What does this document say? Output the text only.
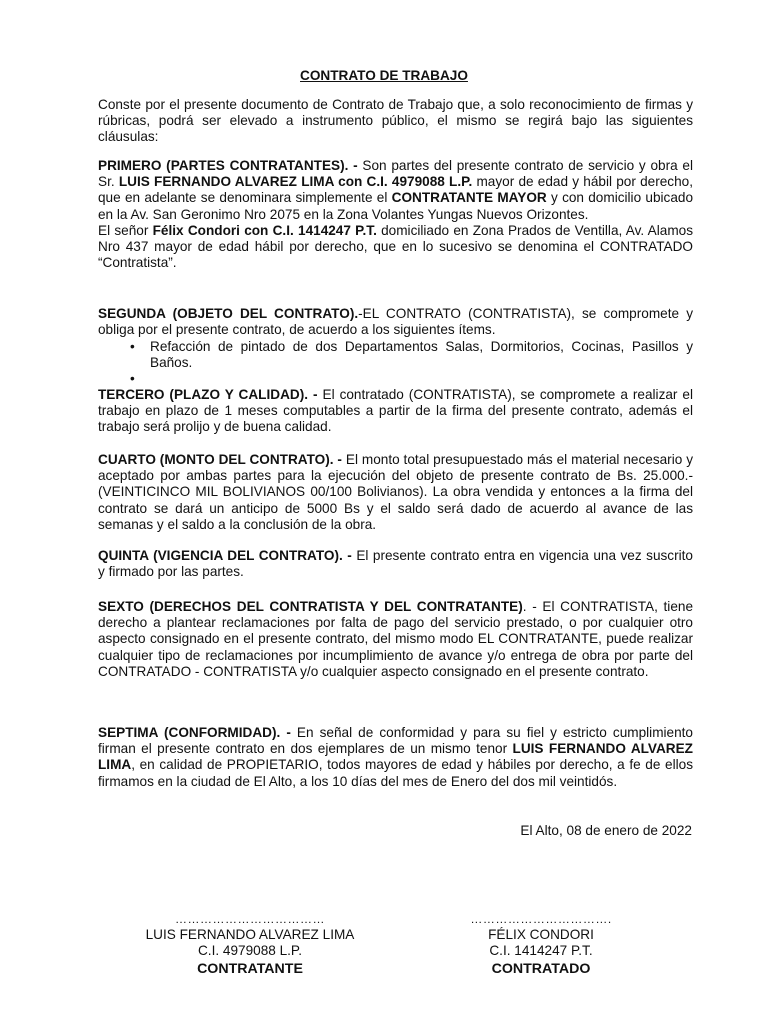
CONTRATO DE TRABAJO

Conste por el presente documento de Contrato de Trabajo que, a solo reconocimiento de firmas y rúbricas, podrá ser elevado a instrumento público, el mismo se regirá bajo las siguientes cláusulas:

PRIMERO (PARTES CONTRATANTES). - Son partes del presente contrato de servicio y obra el Sr. LUIS FERNANDO ALVAREZ LIMA con C.I. 4979088 L.P. mayor de edad y hábil por derecho, que en adelante se denominara simplemente el CONTRATANTE MAYOR y con domicilio ubicado en la Av. San Geronimo Nro 2075 en la Zona Volantes Yungas Nuevos Orizontes.

El señor Félix Condori con C.I. 1414247 P.T. domiciliado en Zona Prados de Ventilla, Av. Alamos Nro 437 mayor de edad hábil por derecho, que en lo sucesivo se denomina el CONTRATADO “Contratista”.

SEGUNDA (OBJETO DEL CONTRATO).-EL CONTRATO (CONTRATISTA), se compromete y obliga por el presente contrato, de acuerdo a los siguientes ítems.

• Refacción de pintado de dos Departamentos Salas, Dormitorios, Cocinas, Pasillos y Baños.
•

TERCERO (PLAZO Y CALIDAD). - El contratado (CONTRATISTA), se compromete a realizar el trabajo en plazo de 1 meses computables a partir de la firma del presente contrato, además el trabajo será prolijo y de buena calidad.

CUARTO (MONTO DEL CONTRATO). - El monto total presupuestado más el material necesario y aceptado por ambas partes para la ejecución del objeto de presente contrato de Bs. 25.000.- (VEINTICINCO MIL BOLIVIANOS 00/100 Bolivianos). La obra vendida y entonces a la firma del contrato se dará un anticipo de 5000 Bs y el saldo será dado de acuerdo al avance de las semanas y el saldo a la conclusión de la obra.

QUINTA (VIGENCIA DEL CONTRATO). - El presente contrato entra en vigencia una vez suscrito y firmado por las partes.

SEXTO (DERECHOS DEL CONTRATISTA Y DEL CONTRATANTE). - El CONTRATISTA, tiene derecho a plantear reclamaciones por falta de pago del servicio prestado, o por cualquier otro aspecto consignado en el presente contrato, del mismo modo EL CONTRATANTE, puede realizar cualquier tipo de reclamaciones por incumplimiento de avance y/o entrega de obra por parte del CONTRATADO - CONTRATISTA y/o cualquier aspecto consignado en el presente contrato.

SEPTIMA (CONFORMIDAD). - En señal de conformidad y para su fiel y estricto cumplimiento firman el presente contrato en dos ejemplares de un mismo tenor LUIS FERNANDO ALVAREZ LIMA, en calidad de PROPIETARIO, todos mayores de edad y hábiles por derecho, a fe de ellos firmamos en la ciudad de El Alto, a los 10 días del mes de Enero del dos mil veintidós.

El Alto, 08 de enero de 2022
………………………………
LUIS FERNANDO ALVAREZ LIMA
C.I. 4979088 L.P.
CONTRATANTE
…………………………….
FÉLIX CONDORI
C.I. 1414247 P.T.
CONTRATADO
